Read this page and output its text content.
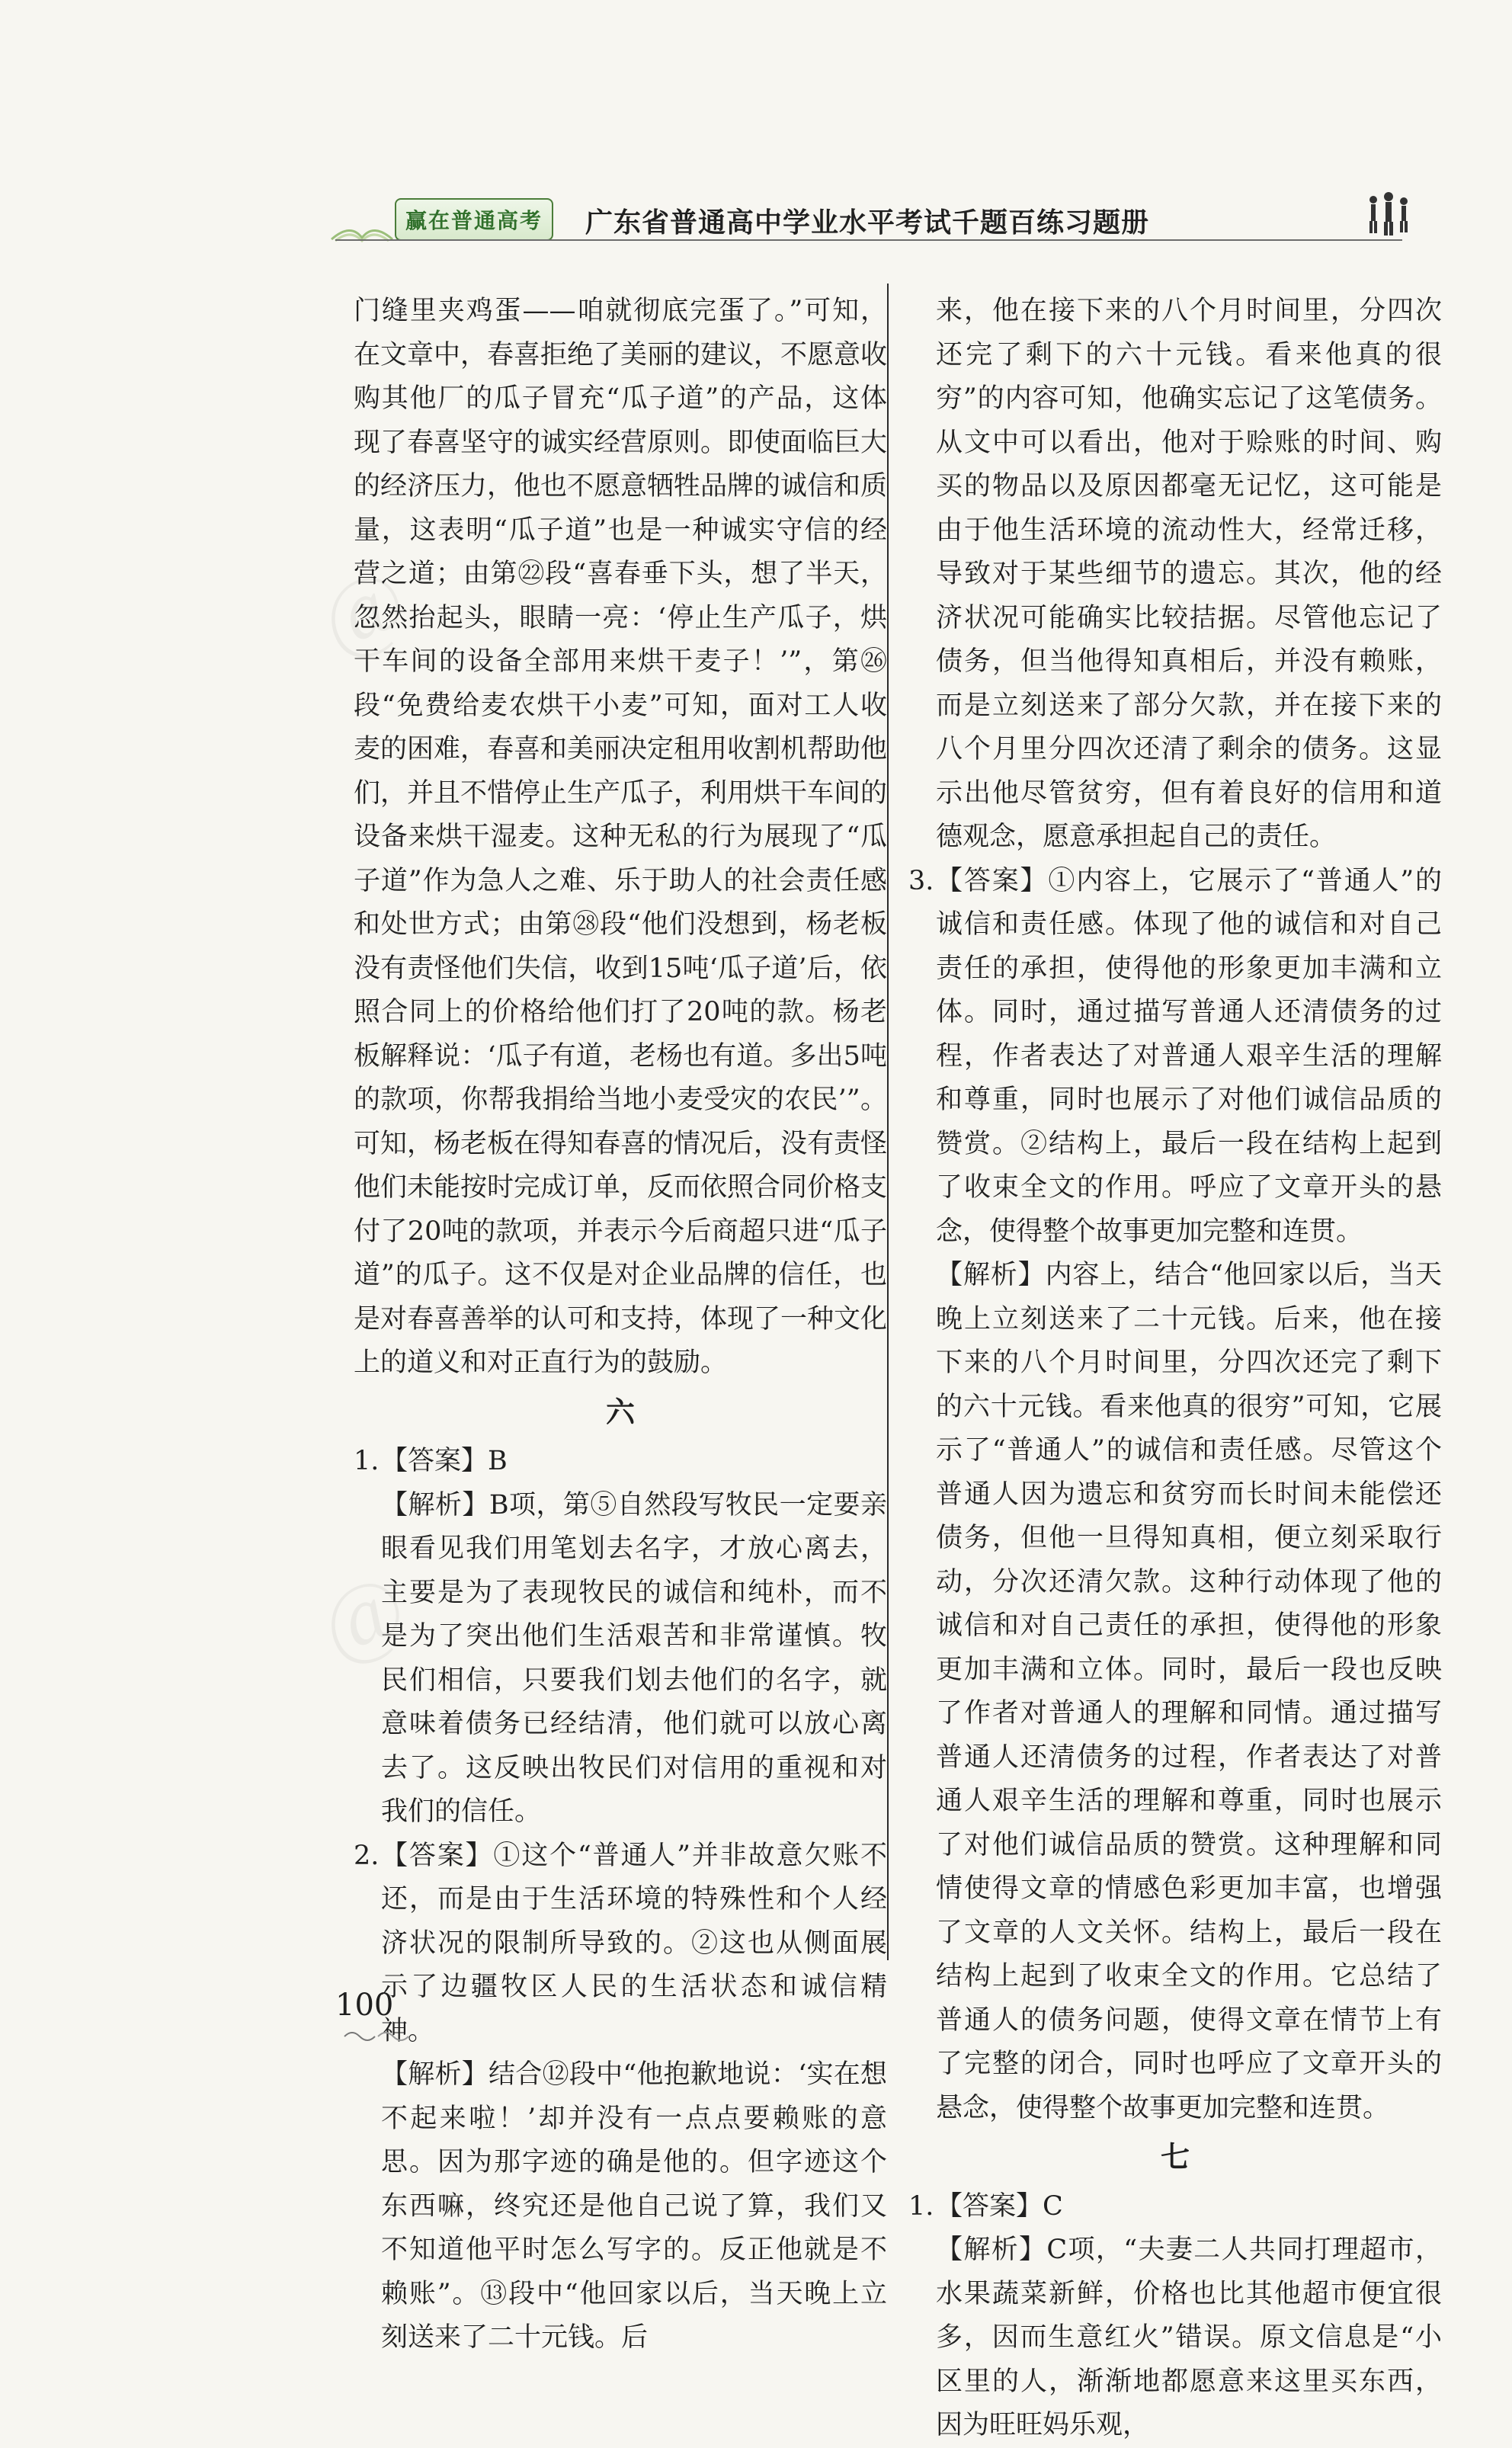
赢在普通高考	广东省普通高中学业水平考试千题百练习题册
＠
＠

门缝里夹鸡蛋——咱就彻底完蛋了。”可知，在文章中，春喜拒绝了美丽的建议，不愿意收购其他厂的瓜子冒充“瓜子道”的产品，这体现了春喜坚守的诚实经营原则。即使面临巨大的经济压力，他也不愿意牺牲品牌的诚信和质量，这表明“瓜子道”也是一种诚实守信的经营之道；由第㉒段“喜春垂下头，想了半天，忽然抬起头，眼睛一亮：‘停止生产瓜子，烘干车间的设备全部用来烘干麦子！’”，第㉖段“免费给麦农烘干小麦”可知，面对工人收麦的困难，春喜和美丽决定租用收割机帮助他们，并且不惜停止生产瓜子，利用烘干车间的设备来烘干湿麦。这种无私的行为展现了“瓜子道”作为急人之难、乐于助人的社会责任感和处世方式；由第㉘段“他们没想到，杨老板没有责怪他们失信，收到15吨‘瓜子道’后，依照合同上的价格给他们打了20吨的款。杨老板解释说：‘瓜子有道，老杨也有道。多出5吨的款项，你帮我捐给当地小麦受灾的农民’”。可知，杨老板在得知春喜的情况后，没有责怪他们未能按时完成订单，反而依照合同价格支付了20吨的款项，并表示今后商超只进“瓜子道”的瓜子。这不仅是对企业品牌的信任，也是对春喜善举的认可和支持，体现了一种文化上的道义和对正直行为的鼓励。

六
1. 【答案】B

【解析】B项，第⑤自然段写牧民一定要亲眼看见我们用笔划去名字，才放心离去，主要是为了表现牧民的诚信和纯朴，而不是为了突出他们生活艰苦和非常谨慎。牧民们相信，只要我们划去他们的名字，就意味着债务已经结清，他们就可以放心离去了。这反映出牧民们对信用的重视和对我们的信任。

2. 【答案】①这个“普通人”并非故意欠账不还，而是由于生活环境的特殊性和个人经济状况的限制所导致的。②这也从侧面展示了边疆牧区人民的生活状态和诚信精神。

【解析】结合⑫段中“他抱歉地说：‘实在想不起来啦！’却并没有一点点要赖账的意思。因为那字迹的确是他的。但字迹这个东西嘛，终究还是他自己说了算，我们又不知道他平时怎么写字的。反正他就是不赖账”。⑬段中“他回家以后，当天晚上立刻送来了二十元钱。后

来，他在接下来的八个月时间里，分四次还完了剩下的六十元钱。看来他真的很穷”的内容可知，他确实忘记了这笔债务。从文中可以看出，他对于赊账的时间、购买的物品以及原因都毫无记忆，这可能是由于他生活环境的流动性大，经常迁移，导致对于某些细节的遗忘。其次，他的经济状况可能确实比较拮据。尽管他忘记了债务，但当他得知真相后，并没有赖账，而是立刻送来了部分欠款，并在接下来的八个月里分四次还清了剩余的债务。这显示出他尽管贫穷，但有着良好的信用和道德观念，愿意承担起自己的责任。

3. 【答案】①内容上，它展示了“普通人”的诚信和责任感。体现了他的诚信和对自己责任的承担，使得他的形象更加丰满和立体。同时，通过描写普通人还清债务的过程，作者表达了对普通人艰辛生活的理解和尊重，同时也展示了对他们诚信品质的赞赏。②结构上，最后一段在结构上起到了收束全文的作用。呼应了文章开头的悬念，使得整个故事更加完整和连贯。

【解析】内容上，结合“他回家以后，当天晚上立刻送来了二十元钱。后来，他在接下来的八个月时间里，分四次还完了剩下的六十元钱。看来他真的很穷”可知，它展示了“普通人”的诚信和责任感。尽管这个普通人因为遗忘和贫穷而长时间未能偿还债务，但他一旦得知真相，便立刻采取行动，分次还清欠款。这种行动体现了他的诚信和对自己责任的承担，使得他的形象更加丰满和立体。同时，最后一段也反映了作者对普通人的理解和同情。通过描写普通人还清债务的过程，作者表达了对普通人艰辛生活的理解和尊重，同时也展示了对他们诚信品质的赞赏。这种理解和同情使得文章的情感色彩更加丰富，也增强了文章的人文关怀。结构上，最后一段在结构上起到了收束全文的作用。它总结了普通人的债务问题，使得文章在情节上有了完整的闭合，同时也呼应了文章开头的悬念，使得整个故事更加完整和连贯。

七
1. 【答案】C

【解析】C项，“夫妻二人共同打理超市，水果蔬菜新鲜，价格也比其他超市便宜很多，因而生意红火”错误。原文信息是“小区里的人，渐渐地都愿意来这里买东西，因为旺旺妈乐观，

100
